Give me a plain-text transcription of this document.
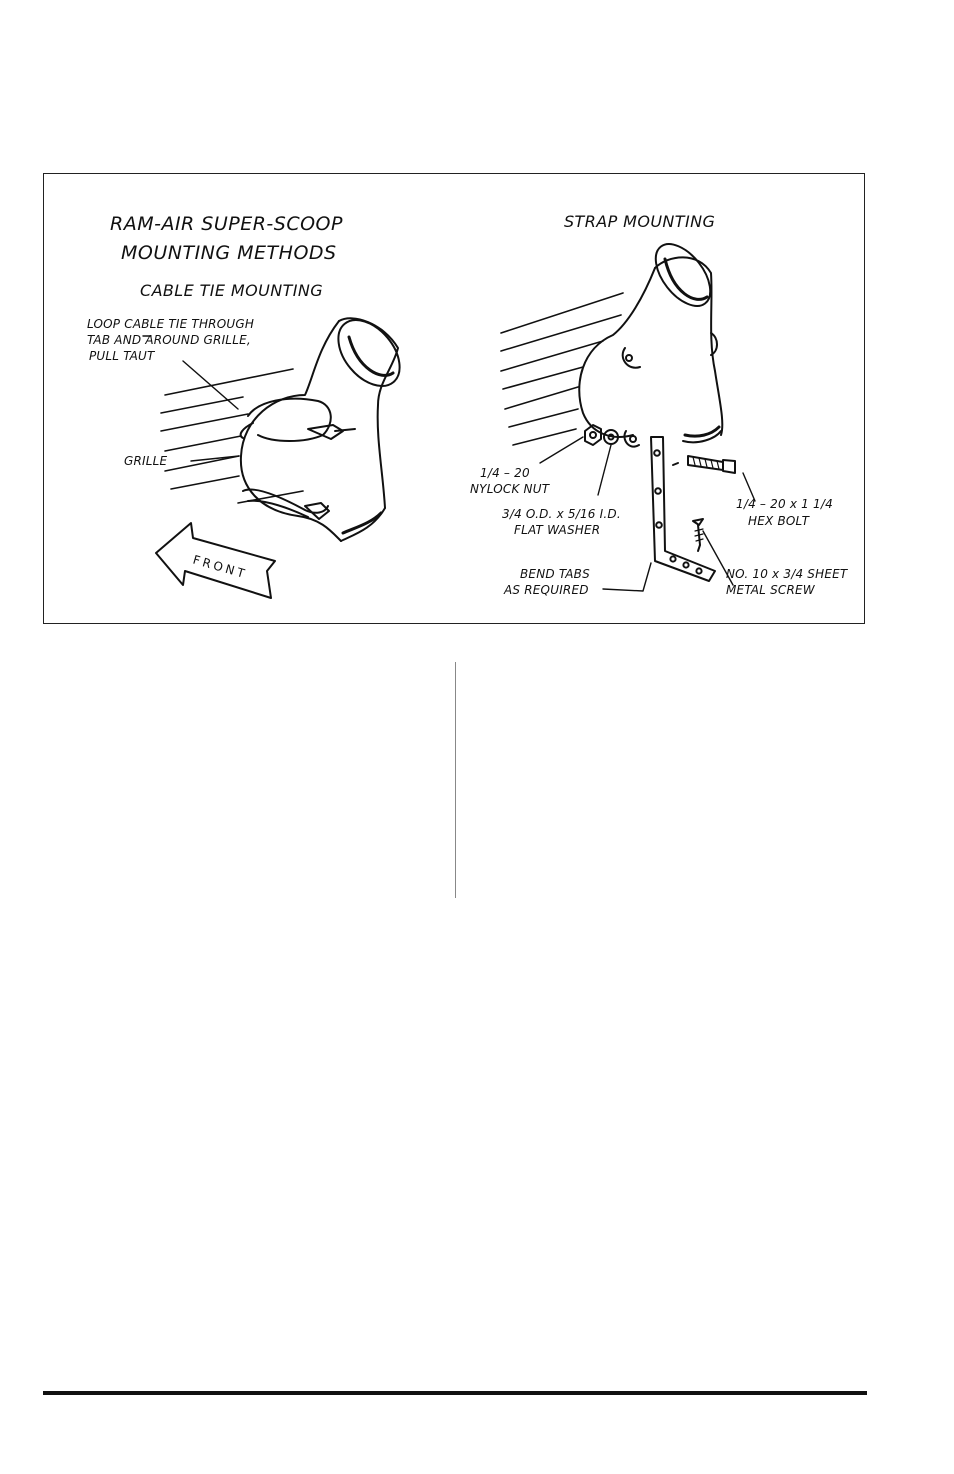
RAM-AIR SUPER-SCOOP
MOUNTING METHODS
CABLE TIE MOUNTING
LOOP CABLE TIE THROUGH
TAB AND AROUND GRILLE,
PULL TAUT
GRILLE
FRONT
STRAP MOUNTING
1/4 – 20
NYLOCK NUT
3/4 O.D. x 5/16 I.D.
FLAT WASHER
1/4 – 20 x 1 1/4
HEX BOLT
BEND TABS
AS REQUIRED
NO. 10 x 3/4 SHEET
METAL SCREW
